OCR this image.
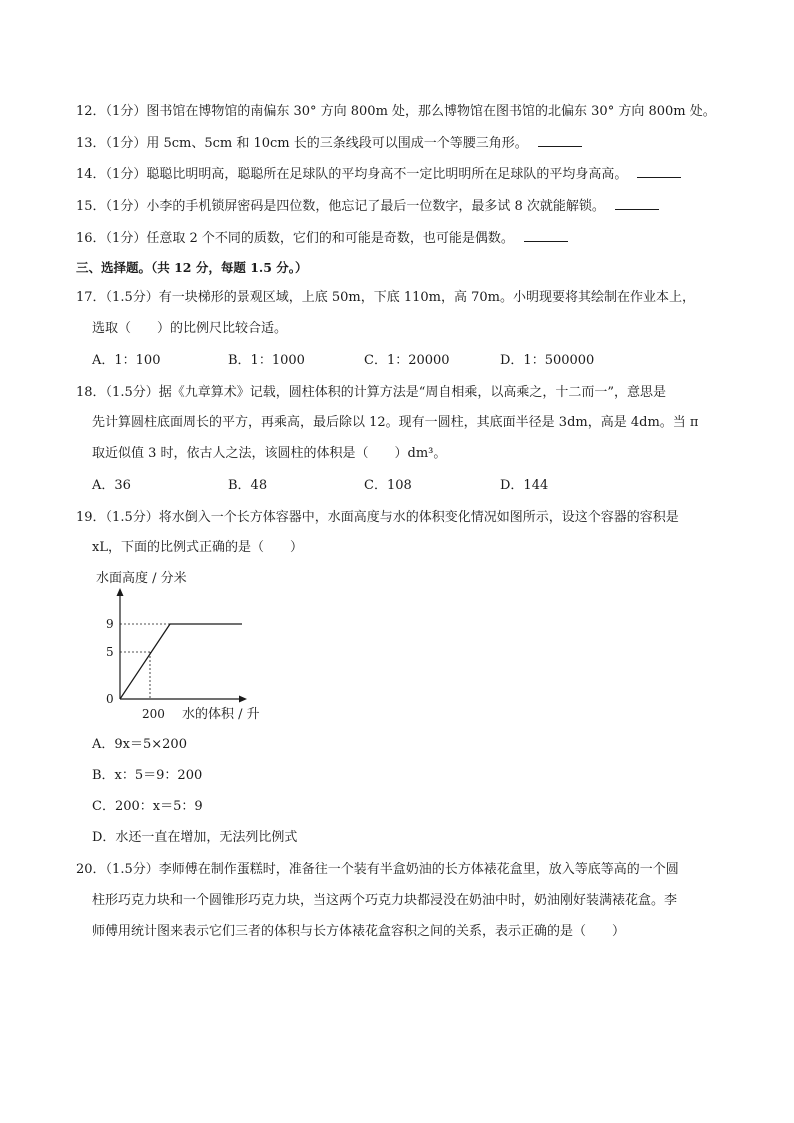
12．（1分）图书馆在博物馆的南偏东 30° 方向 800m 处，那么博物馆在图书馆的北偏东 30° 方向 800m 处。
13．（1分）用 5cm、5cm 和 10cm 长的三条线段可以围成一个等腰三角形。
14．（1分）聪聪比明明高，聪聪所在足球队的平均身高不一定比明明所在足球队的平均身高高。
15．（1分）小李的手机锁屏密码是四位数，他忘记了最后一位数字，最多试 8 次就能解锁。
16．（1分）任意取 2 个不同的质数，它们的和可能是奇数，也可能是偶数。
三、选择题。（共 12 分，每题 1.5 分。）
17．（1.5分）有一块梯形的景观区域，上底 50m，下底 110m，高 70m。小明现要将其绘制在作业本上，
选取（　　）的比例尺比较合适。
A．1：100	B．1：1000	C．1：20000	D．1：500000
18．（1.5分）据《九章算术》记载，圆柱体积的计算方法是“周自相乘，以高乘之，十二而一”，意思是
先计算圆柱底面周长的平方，再乘高，最后除以 12。现有一圆柱，其底面半径是 3dm，高是 4dm。当 π
取近似值 3 时，依古人之法，该圆柱的体积是（　　）dm³。
A．36	B．48	C．108	D．144
19．（1.5分）将水倒入一个长方体容器中，水面高度与水的体积变化情况如图所示，设这个容器的容积是
xL，下面的比例式正确的是（　　）
水面高度 / 分米
9
5
0
200 水的体积 / 升
A．9x＝5×200
B．x：5＝9：200
C．200：x＝5：9
D．水还一直在增加，无法列比例式
20．（1.5分）李师傅在制作蛋糕时，准备往一个装有半盒奶油的长方体裱花盒里，放入等底等高的一个圆
柱形巧克力块和一个圆锥形巧克力块，当这两个巧克力块都浸没在奶油中时，奶油刚好装满裱花盒。李
师傅用统计图来表示它们三者的体积与长方体裱花盒容积之间的关系，表示正确的是（　　）
